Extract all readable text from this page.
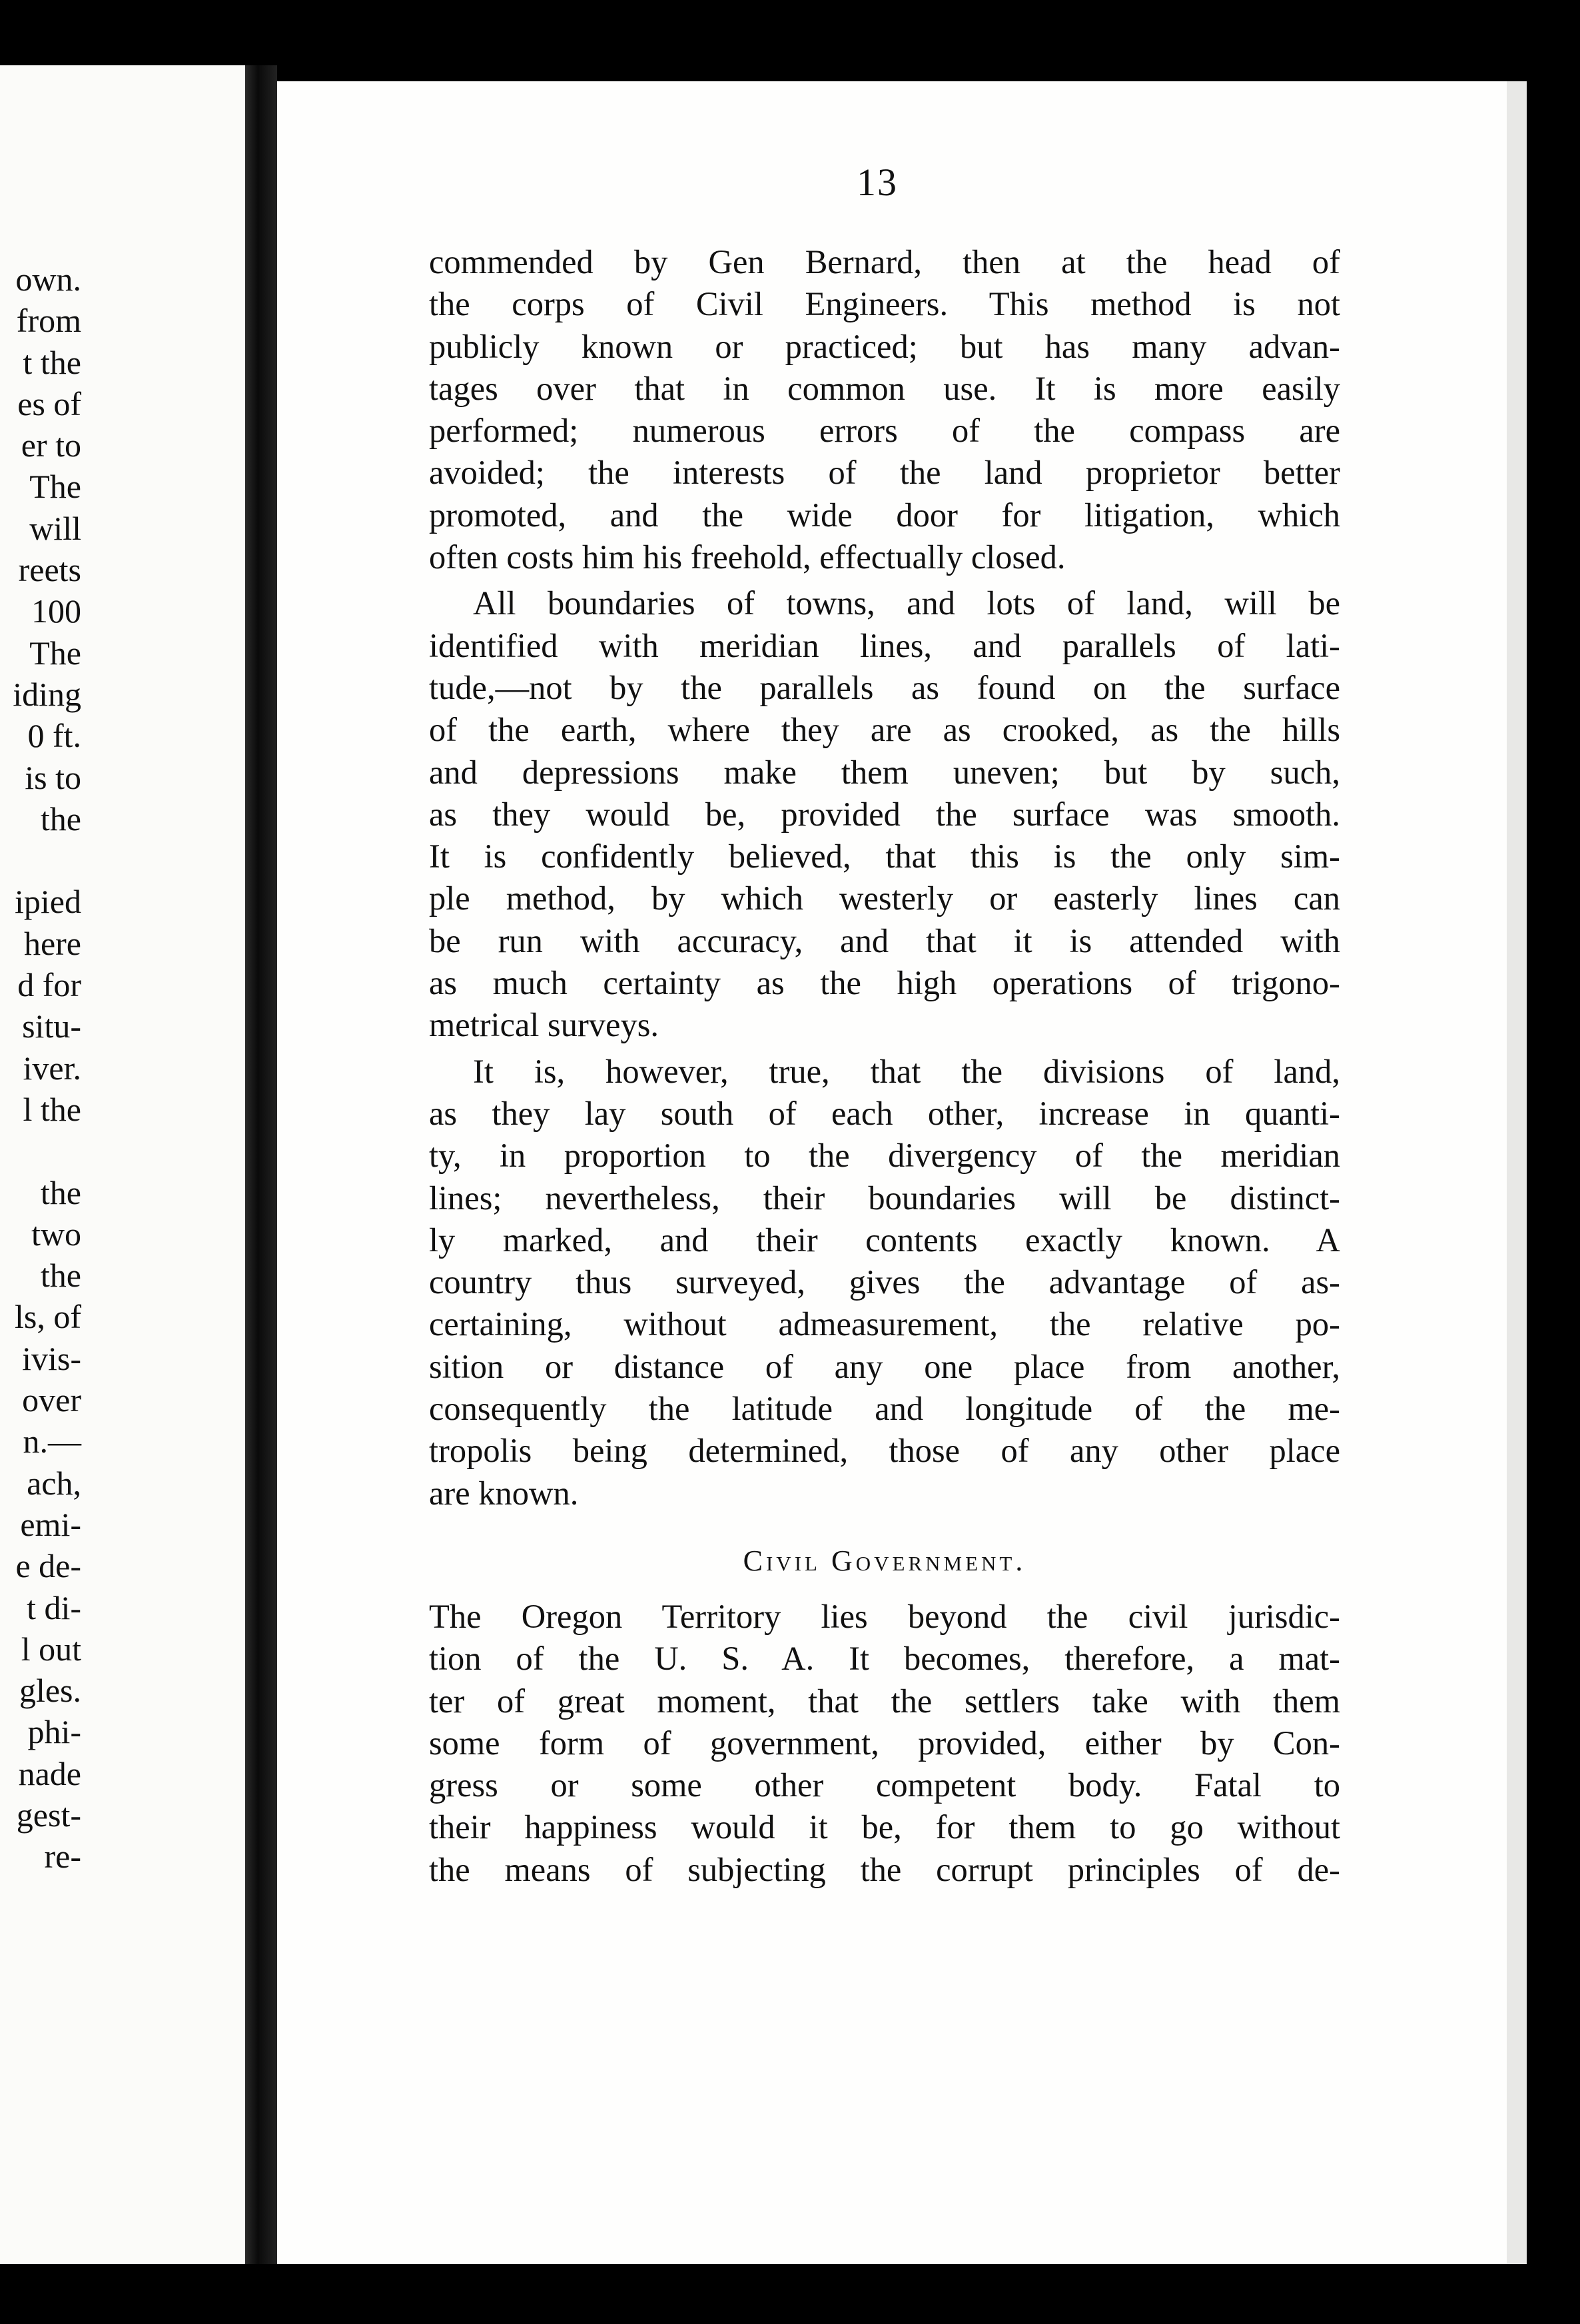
own.
from
t the
es of
er to
The
will
reets
100
The
iding
0 ft.
is to
the
ipied
here
d for
situ-
iver.
l the
the
two
the
ls, of
ivis-
over
n.—
ach,
emi-
e de-
t di-
l out
gles.
phi-
nade
gest-
re-
13
commended by Gen Bernard, then at the head of
the corps of Civil Engineers. This method is not
publicly known or practiced; but has many advan-
tages over that in common use. It is more easily
performed; numerous errors of the compass are
avoided; the interests of the land proprietor better
promoted, and the wide door for litigation, which
often costs him his freehold, effectually closed.
All boundaries of towns, and lots of land, will be
identified with meridian lines, and parallels of lati-
tude,—not by the parallels as found on the surface
of the earth, where they are as crooked, as the hills
and depressions make them uneven; but by such,
as they would be, provided the surface was smooth.
It is confidently believed, that this is the only sim-
ple method, by which westerly or easterly lines can
be run with accuracy, and that it is attended with
as much certainty as the high operations of trigono-
metrical surveys.
It is, however, true, that the divisions of land,
as they lay south of each other, increase in quanti-
ty, in proportion to the divergency of the meridian
lines; nevertheless, their boundaries will be distinct-
ly marked, and their contents exactly known. A
country thus surveyed, gives the advantage of as-
certaining, without admeasurement, the relative po-
sition or distance of any one place from another,
consequently the latitude and longitude of the me-
tropolis being determined, those of any other place
are known.
Civil Government.
The Oregon Territory lies beyond the civil jurisdic-
tion of the U. S. A. It becomes, therefore, a mat-
ter of great moment, that the settlers take with them
some form of government, provided, either by Con-
gress or some other competent body. Fatal to
their happiness would it be, for them to go without
the means of subjecting the corrupt principles of de-
